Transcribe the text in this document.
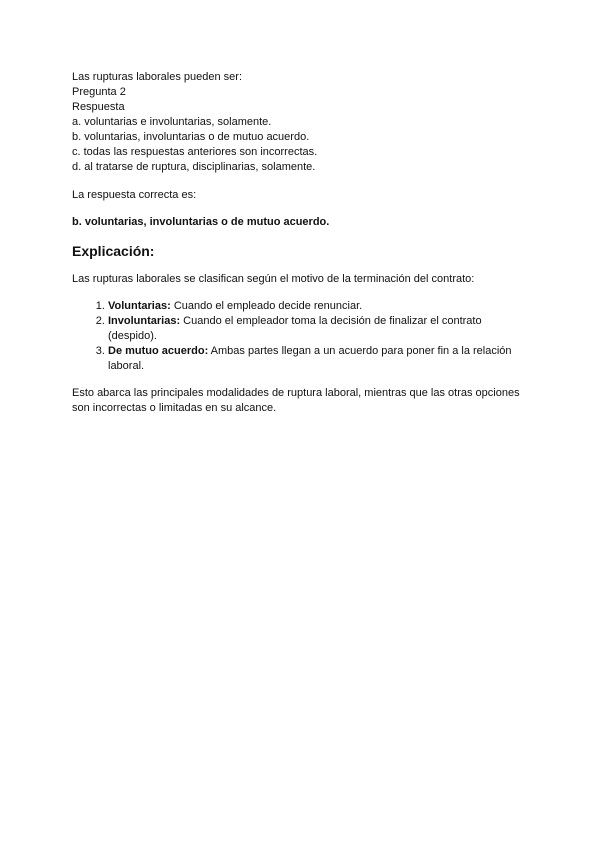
Las rupturas laborales pueden ser:
Pregunta 2
Respuesta
a. voluntarias e involuntarias, solamente.
b. voluntarias, involuntarias o de mutuo acuerdo.
c. todas las respuestas anteriores son incorrectas.
d. al tratarse de ruptura, disciplinarias, solamente.
La respuesta correcta es:
b. voluntarias, involuntarias o de mutuo acuerdo.
Explicación:
Las rupturas laborales se clasifican según el motivo de la terminación del contrato:
1. Voluntarias: Cuando el empleado decide renunciar.
2. Involuntarias: Cuando el empleador toma la decisión de finalizar el contrato (despido).
3. De mutuo acuerdo: Ambas partes llegan a un acuerdo para poner fin a la relación laboral.
Esto abarca las principales modalidades de ruptura laboral, mientras que las otras opciones son incorrectas o limitadas en su alcance.
